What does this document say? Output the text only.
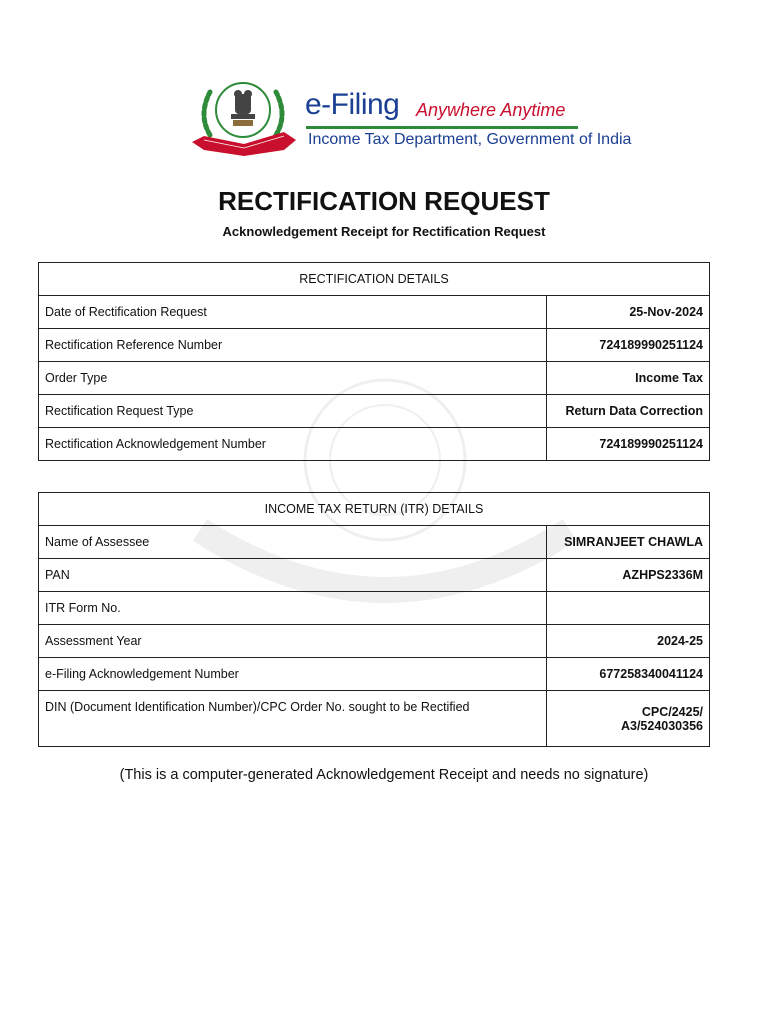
e-Filing Anywhere Anytime
Income Tax Department, Government of India
RECTIFICATION REQUEST
Acknowledgement Receipt for Rectification Request
RECTIFICATION DETAILS	
Date of Rectification Request	25-Nov-2024
Rectification Reference Number	724189990251124
Order Type	Income Tax
Rectification Request Type	Return Data Correction
Rectification Acknowledgement Number	724189990251124
INCOME TAX RETURN (ITR) DETAILS	
Name of Assessee	SIMRANJEET CHAWLA
PAN	AZHPS2336M
ITR Form No.	
Assessment Year	2024-25
e-Filing Acknowledgement Number	677258340041124
DIN (Document Identification Number)/CPC Order No. sought to be Rectified	CPC/2425/
A3/524030356
(This is a computer-generated Acknowledgement Receipt and needs no signature)
